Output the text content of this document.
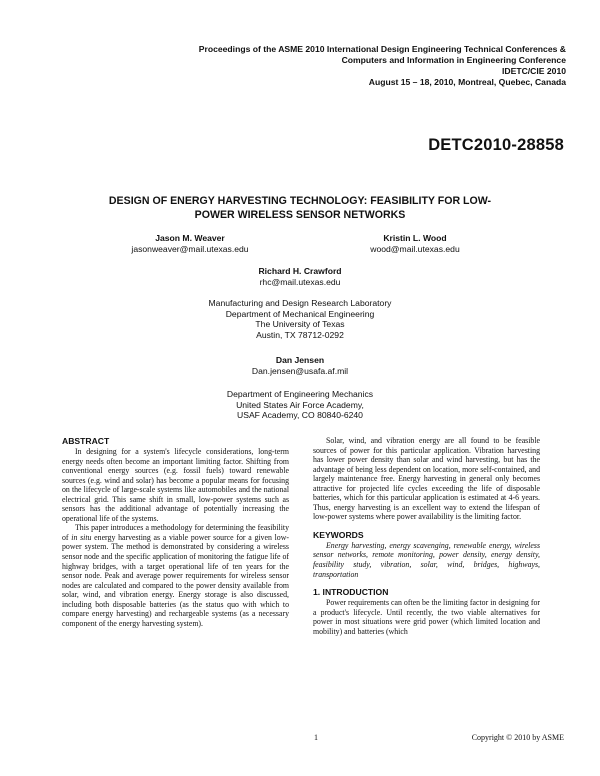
Proceedings of the ASME 2010 International Design Engineering Technical Conferences &
Computers and Information in Engineering Conference
IDETC/CIE 2010
August 15 – 18, 2010, Montreal, Quebec, Canada
DETC2010-28858
DESIGN OF ENERGY HARVESTING TECHNOLOGY: FEASIBILITY FOR LOW-
POWER WIRELESS SENSOR NETWORKS
Jason M. Weaver
jasonweaver@mail.utexas.edu
Kristin L. Wood
wood@mail.utexas.edu
Richard H. Crawford
rhc@mail.utexas.edu
Manufacturing and Design Research Laboratory
Department of Mechanical Engineering
The University of Texas
Austin, TX 78712-0292
Dan Jensen
Dan.jensen@usafa.af.mil
Department of Engineering Mechanics
United States Air Force Academy,
USAF Academy, CO 80840-6240
ABSTRACT

In designing for a system's lifecycle considerations, long-term energy needs often become an important limiting factor. Shifting from conventional energy sources (e.g. fossil fuels) toward renewable sources (e.g. wind and solar) has become a popular means for focusing on the lifecycle of large-scale systems like automobiles and the national electrical grid. This same shift in small, low-power systems such as sensors has the additional advantage of potentially increasing the operational life of the systems.

This paper introduces a methodology for determining the feasibility of in situ energy harvesting as a viable power source for a given low-power system. The method is demonstrated by considering a wireless sensor node and the specific application of monitoring the fatigue life of highway bridges, with a target operational life of ten years for the sensor node. Peak and average power requirements for wireless sensor nodes are calculated and compared to the power density available from solar, wind, and vibration energy. Energy storage is also discussed, including both disposable batteries (as the status quo with which to compare energy harvesting) and rechargeable systems (as a necessary component of the energy harvesting system).

Solar, wind, and vibration energy are all found to be feasible sources of power for this particular application. Vibration harvesting has lower power density than solar and wind harvesting, but has the advantage of being less dependent on location, more self-contained, and largely maintenance free. Energy harvesting in general only becomes attractive for projected life cycles exceeding the life of disposable batteries, which for this particular application is estimated at 4-6 years. Thus, energy harvesting is an excellent way to extend the lifespan of low-power systems where power availability is the limiting factor.

KEYWORDS

Energy harvesting, energy scavenging, renewable energy, wireless sensor networks, remote monitoring, power density, energy density, feasibility study, vibration, solar, wind, bridges, highways, transportation

1. INTRODUCTION

Power requirements can often be the limiting factor in designing for a product's lifecycle. Until recently, the two viable alternatives for power in most situations were grid power (which limited location and mobility) and batteries (which

1	Copyright © 2010 by ASME
